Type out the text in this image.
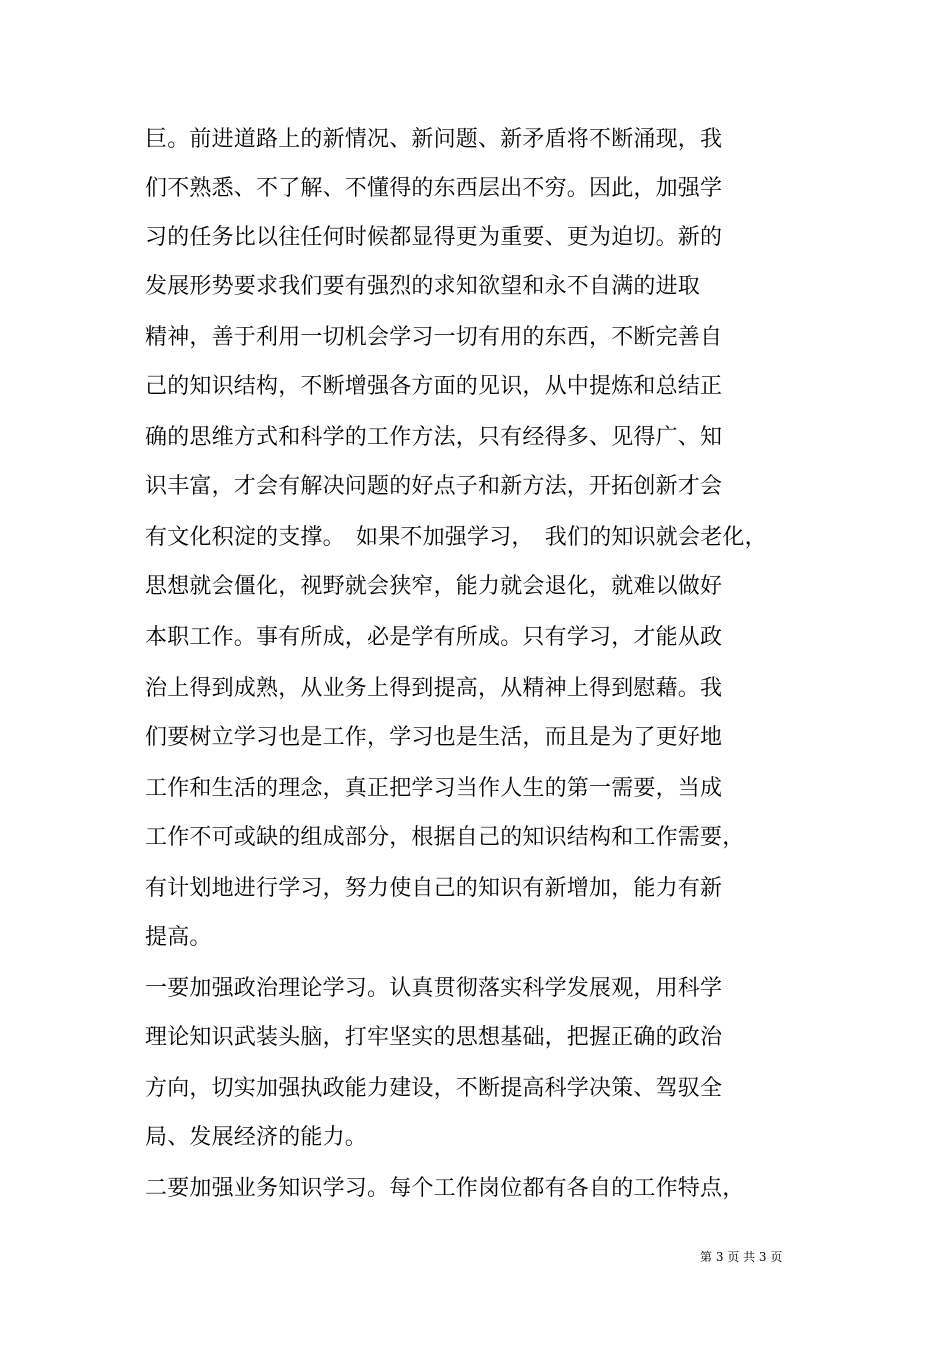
巨。前进道路上的新情况、新问题、新矛盾将不断涌现，我
们不熟悉、不了解、不懂得的东西层出不穷。因此，加强学
习的任务比以往任何时候都显得更为重要、更为迫切。新的
发展形势要求我们要有强烈的求知欲望和永不自满的进取
精神，善于利用一切机会学习一切有用的东西，不断完善自
己的知识结构，不断增强各方面的见识，从中提炼和总结正
确的思维方式和科学的工作方法，只有经得多、见得广、知
识丰富，才会有解决问题的好点子和新方法，开拓创新才会
有文化积淀的支撑。　如果不加强学习，　我们的知识就会老化，
思想就会僵化，视野就会狭窄，能力就会退化，就难以做好
本职工作。事有所成，必是学有所成。只有学习，才能从政
治上得到成熟，从业务上得到提高，从精神上得到慰藉。我
们要树立学习也是工作，学习也是生活，而且是为了更好地
工作和生活的理念，真正把学习当作人生的第一需要，当成
工作不可或缺的组成部分，根据自己的知识结构和工作需要，
有计划地进行学习，努力使自己的知识有新增加，能力有新
提高。
一要加强政治理论学习。认真贯彻落实科学发展观，用科学
理论知识武装头脑，打牢坚实的思想基础，把握正确的政治
方向，切实加强执政能力建设，不断提高科学决策、驾驭全
局、发展经济的能力。
二要加强业务知识学习。每个工作岗位都有各自的工作特点，
第 3 页 共 3 页
